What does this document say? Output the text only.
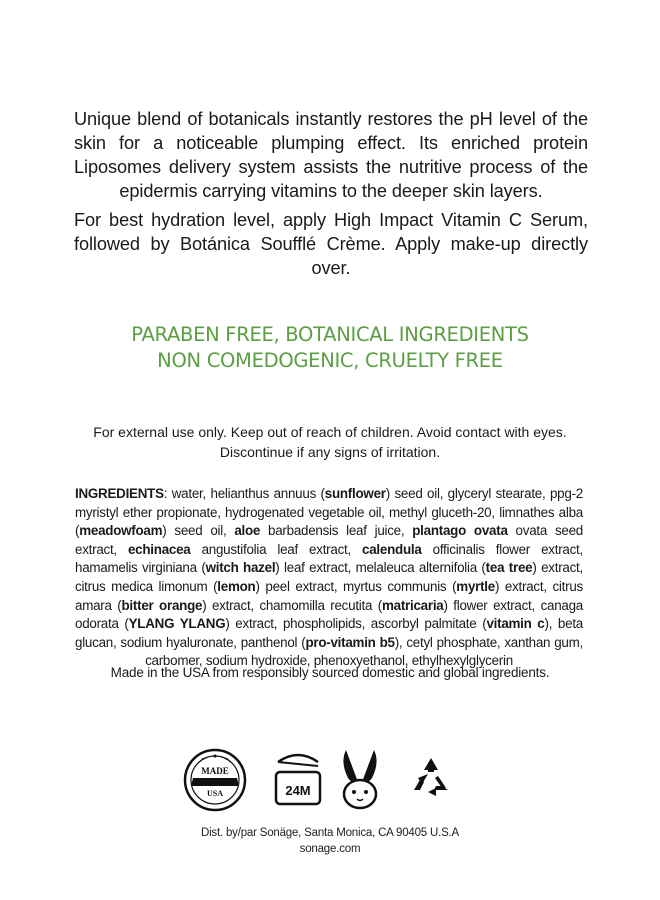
Unique blend of botanicals instantly restores the pH level of the skin for a noticeable plumping effect. Its enriched protein Liposomes delivery system assists the nutritive process of the epidermis carrying vitamins to the deeper skin layers.

For best hydration level, apply High Impact Vitamin C Serum, followed by Botánica Soufflé Crème. Apply make-up directly over.

PARABEN FREE, BOTANICAL INGREDIENTS
NON COMEDOGENIC, CRUELTY FREE

For external use only. Keep out of reach of children. Avoid contact with eyes. Discontinue if any signs of irritation.

INGREDIENTS: water, helianthus annuus (sunflower) seed oil, glyceryl stearate, ppg-2 myristyl ether propionate, hydrogenated vegetable oil, methyl gluceth-20, limnathes alba (meadowfoam) seed oil, aloe barbadensis leaf juice, plantago ovata ovata seed extract, echinacea angustifolia leaf extract, calendula officinalis flower extract, hamamelis virginiana (witch hazel) leaf extract, melaleuca alternifolia (tea tree) extract, citrus medica limonum (lemon) peel extract, myrtus communis (myrtle) extract, citrus amara (bitter orange) extract, chamomilla recutita (matricaria) flower extract, canaga odorata (YLANG YLANG) extract, phospholipids, ascorbyl palmitate (vitamin c), beta glucan, sodium hyaluronate, panthenol (pro-vitamin b5), cetyl phosphate, xanthan gum, carbomer, sodium hydroxide, phenoxyethanol, ethylhexylglycerin

Made in the USA from responsibly sourced domestic and global ingredients.

MADE
USA	24M
Dist. by/par Sonäge, Santa Monica, CA 90405 U.S.A
sonage.com
